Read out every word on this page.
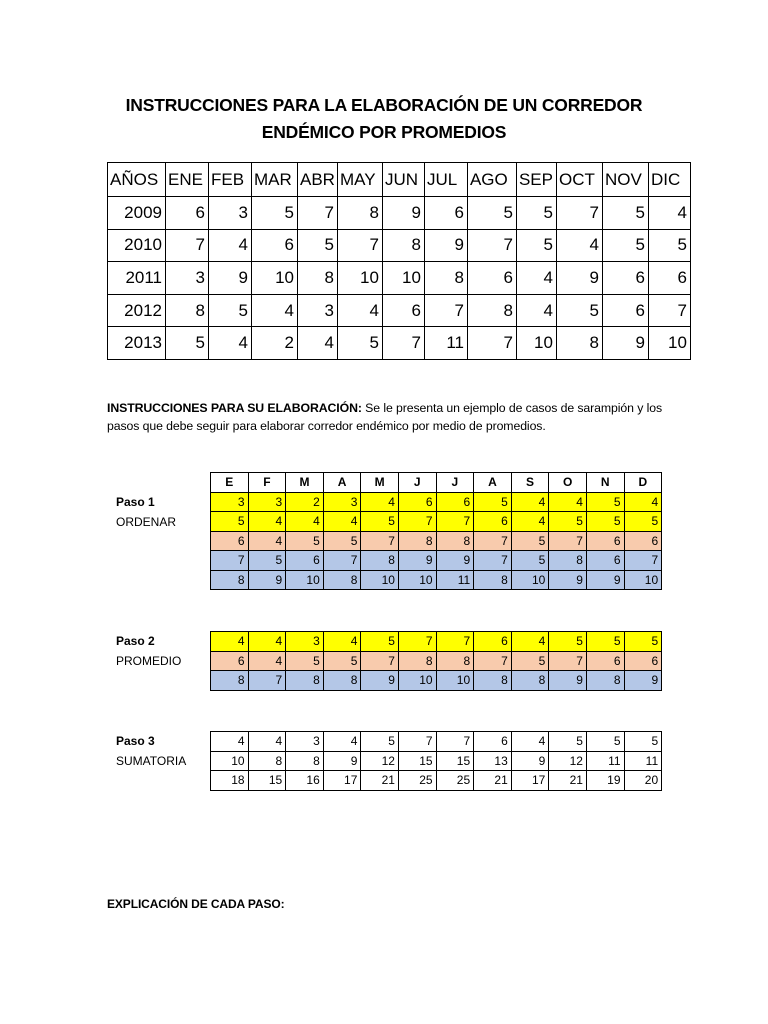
INSTRUCCIONES PARA LA ELABORACIÓN DE UN CORREDOR
ENDÉMICO POR PROMEDIOS
AÑOS	ENE	FEB	MAR	ABR	MAY	JUN	JUL	AGO	SEP	OCT	NOV	DIC
2009	6	3	5	7	8	9	6	5	5	7	5	4
2010	7	4	6	5	7	8	9	7	5	4	5	5
2011	3	9	10	8	10	10	8	6	4	9	6	6
2012	8	5	4	3	4	6	7	8	4	5	6	7
2013	5	4	2	4	5	7	11	7	10	8	9	10
INSTRUCCIONES PARA SU ELABORACIÓN: Se le presenta un ejemplo de casos de sarampión y los pasos que debe seguir para elaborar corredor endémico por medio de promedios.
Paso 1
ORDENAR
E	F	M	A	M	J	J	A	S	O	N	D
3	3	2	3	4	6	6	5	4	4	5	4
5	4	4	4	5	7	7	6	4	5	5	5
6	4	5	5	7	8	8	7	5	7	6	6
7	5	6	7	8	9	9	7	5	8	6	7
8	9	10	8	10	10	11	8	10	9	9	10
Paso 2
PROMEDIO
4	4	3	4	5	7	7	6	4	5	5	5
6	4	5	5	7	8	8	7	5	7	6	6
8	7	8	8	9	10	10	8	8	9	8	9
Paso 3
SUMATORIA
4	4	3	4	5	7	7	6	4	5	5	5
10	8	8	9	12	15	15	13	9	12	11	11
18	15	16	17	21	25	25	21	17	21	19	20
EXPLICACIÓN DE CADA PASO:
